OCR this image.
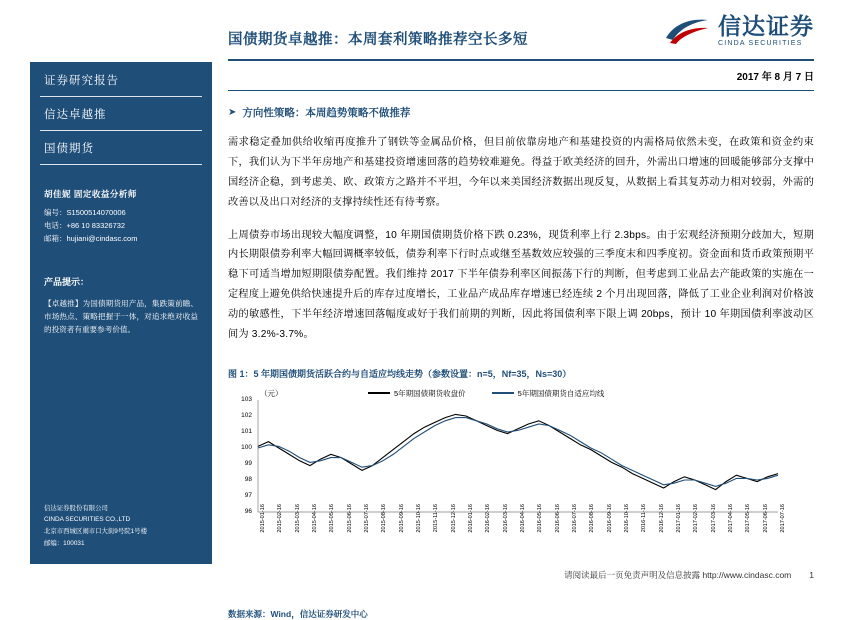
信达证券
CINDA SECURITIES
证券研究报告
信达卓越推
国债期货
胡佳妮 固定收益分析师
编号：S1500514070006
电话：+86 10 83326732
邮箱：hujiani@cindasc.com
产品提示：
【卓越推】为国债期货用产品，集跌策前瞻、市场热点、策略把握于一体，对追求绝对收益的投资者有重要参考价值。
信达证券股份有限公司
CINDA SECURITIES CO.,LTD
北京市西城区闹市口大街9号院1号楼
邮编：100031
国债期货卓越推：本周套利策略推荐空长多短
2017 年 8 月 7 日
➤ 方向性策略：本周趋势策略不做推荐
需求稳定叠加供给收缩再度推升了钢铁等金属品价格，但目前依靠房地产和基建投资的内需格局依然未变，在政策和资金约束下，我们认为下半年房地产和基建投资增速回落的趋势较难避免。得益于欧美经济的回升，外需出口增速的回暖能够部分支撑中国经济企稳，到考虑美、欧、政策方之路并不平坦，今年以来美国经济数据出现反复，从数据上看其复苏动力相对较弱，外需的改善以及出口对经济的支撑持续性还有待考察。
上周债券市场出现较大幅度调整，10 年期国债期货价格下跌 0.23%，现货利率上行 2.3bps。由于宏观经济预期分歧加大，短期内长期限债券利率大幅回调概率较低，债券利率下行时点或继至基数效应较强的三季度末和四季度初。资金面和货币政策预期平稳下可适当增加短期限债券配置。我们维持 2017 下半年债券利率区间振荡下行的判断，但考虑到工业品去产能政策的实施在一定程度上避免供给快速提升后的库存过度增长，工业品产成品库存增速已经连续 2 个月出现回落，降低了工业企业利润对价格波动的敏感性，下半年经济增速回落幅度或好于我们前期的判断，因此将国债利率下限上调 20bps，预计 10 年期国债利率波动区间为 3.2%-3.7%。
图 1：5 年期国债期货活跃合约与自适应均线走势（参数设置：n=5，Nf=35，Ns=30）
（元）	5年期国债期货收盘价	5年期国债期货自适应均线
103
102
101
100
99
98
97
96 2015-01-16 2015-02-16 2015-03-16 2015-04-16 2015-05-16 2015-06-16 2015-07-16 2015-08-16 2015-09-16 2015-10-16 2015-11-16 2015-12-16 2016-01-16 2016-02-16 2016-03-16 2016-04-16 2016-05-16 2016-06-16 2016-07-16 2016-08-16 2016-09-16 2016-10-16 2016-11-16 2016-12-16 2017-01-16 2017-02-16 2017-03-16 2017-04-16 2017-05-16 2017-06-16 2017-07-16
数据来源：Wind，信达证券研发中心
请阅读最后一页免责声明及信息披露 http://www.cindasc.com 1
